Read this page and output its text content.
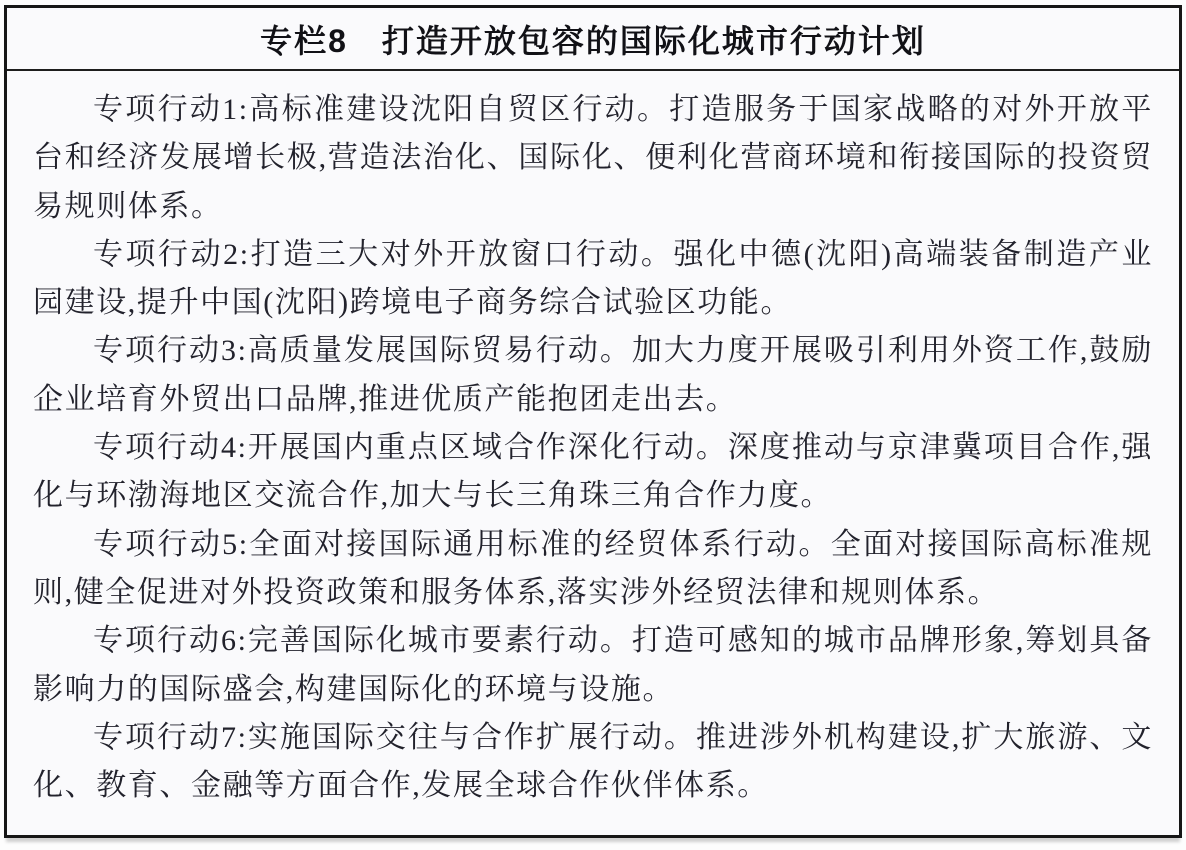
专栏8　打造开放包容的国际化城市行动计划

专项行动1:高标准建设沈阳自贸区行动。打造服务于国家战略的对外开放平台和经济发展增长极,营造法治化、国际化、便利化营商环境和衔接国际的投资贸易规则体系。

专项行动2:打造三大对外开放窗口行动。强化中德(沈阳)高端装备制造产业园建设,提升中国(沈阳)跨境电子商务综合试验区功能。

专项行动3:高质量发展国际贸易行动。加大力度开展吸引利用外资工作,鼓励企业培育外贸出口品牌,推进优质产能抱团走出去。

专项行动4:开展国内重点区域合作深化行动。深度推动与京津冀项目合作,强化与环渤海地区交流合作,加大与长三角珠三角合作力度。

专项行动5:全面对接国际通用标准的经贸体系行动。全面对接国际高标准规则,健全促进对外投资政策和服务体系,落实涉外经贸法律和规则体系。

专项行动6:完善国际化城市要素行动。打造可感知的城市品牌形象,筹划具备影响力的国际盛会,构建国际化的环境与设施。

专项行动7:实施国际交往与合作扩展行动。推进涉外机构建设,扩大旅游、文化、教育、金融等方面合作,发展全球合作伙伴体系。
